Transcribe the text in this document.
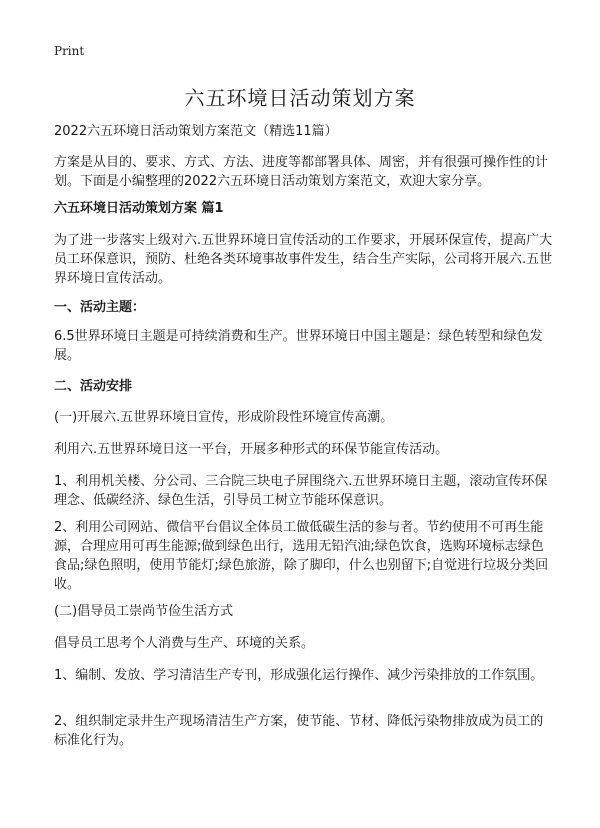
Print
六五环境日活动策划方案

2022六五环境日活动策划方案范文（精选11篇）

方案是从目的、要求、方式、方法、进度等都部署具体、周密，并有很强可操作性的计划。下面是小编整理的2022六五环境日活动策划方案范文，欢迎大家分享。

六五环境日活动策划方案 篇1

为了进一步落实上级对六.五世界环境日宣传活动的工作要求，开展环保宣传，提高广大员工环保意识，预防、杜绝各类环境事故事件发生，结合生产实际，公司将开展六.五世界环境日宣传活动。

一、活动主题：

6.5世界环境日主题是可持续消费和生产。世界环境日中国主题是：绿色转型和绿色发展。

二、活动安排

(一)开展六.五世界环境日宣传，形成阶段性环境宣传高潮。

利用六.五世界环境日这一平台，开展多种形式的环保节能宣传活动。

1、利用机关楼、分公司、三合院三块电子屏围绕六.五世界环境日主题，滚动宣传环保理念、低碳经济、绿色生活，引导员工树立节能环保意识。

2、利用公司网站、微信平台倡议全体员工做低碳生活的参与者。节约使用不可再生能源，合理应用可再生能源;做到绿色出行，选用无铅汽油;绿色饮食，选购环境标志绿色食品;绿色照明，使用节能灯;绿色旅游，除了脚印，什么也别留下;自觉进行垃圾分类回收。

(二)倡导员工崇尚节俭生活方式

倡导员工思考个人消费与生产、环境的关系。

1、编制、发放、学习清洁生产专刊，形成强化运行操作、减少污染排放的工作氛围。

2、组织制定录井生产现场清洁生产方案，使节能、节材、降低污染物排放成为员工的标准化行为。
